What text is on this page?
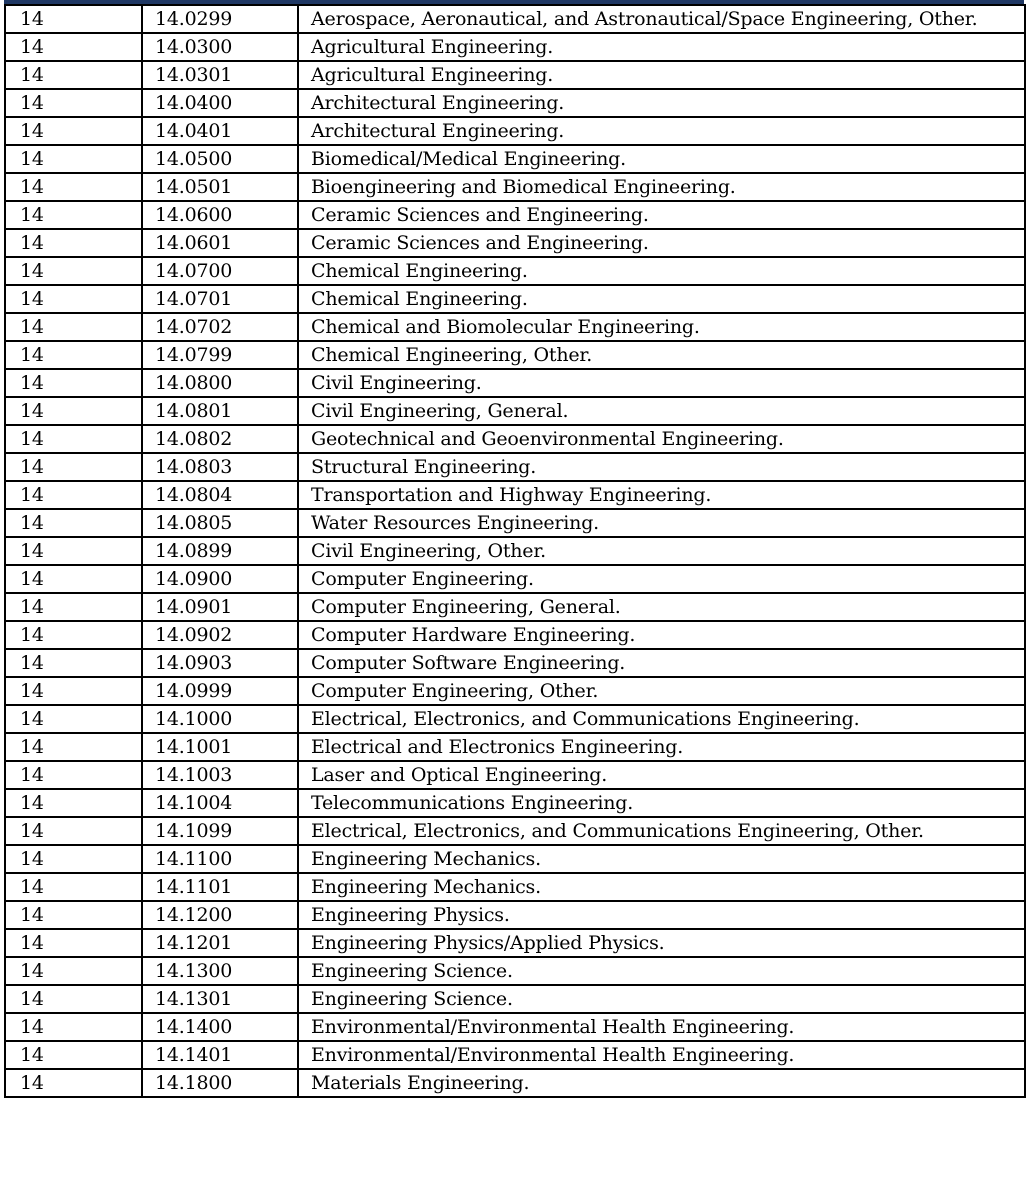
14	14.0299	Aerospace, Aeronautical, and Astronautical/Space Engineering, Other.
14	14.0300	Agricultural Engineering.
14	14.0301	Agricultural Engineering.
14	14.0400	Architectural Engineering.
14	14.0401	Architectural Engineering.
14	14.0500	Biomedical/Medical Engineering.
14	14.0501	Bioengineering and Biomedical Engineering.
14	14.0600	Ceramic Sciences and Engineering.
14	14.0601	Ceramic Sciences and Engineering.
14	14.0700	Chemical Engineering.
14	14.0701	Chemical Engineering.
14	14.0702	Chemical and Biomolecular Engineering.
14	14.0799	Chemical Engineering, Other.
14	14.0800	Civil Engineering.
14	14.0801	Civil Engineering, General.
14	14.0802	Geotechnical and Geoenvironmental Engineering.
14	14.0803	Structural Engineering.
14	14.0804	Transportation and Highway Engineering.
14	14.0805	Water Resources Engineering.
14	14.0899	Civil Engineering, Other.
14	14.0900	Computer Engineering.
14	14.0901	Computer Engineering, General.
14	14.0902	Computer Hardware Engineering.
14	14.0903	Computer Software Engineering.
14	14.0999	Computer Engineering, Other.
14	14.1000	Electrical, Electronics, and Communications Engineering.
14	14.1001	Electrical and Electronics Engineering.
14	14.1003	Laser and Optical Engineering.
14	14.1004	Telecommunications Engineering.
14	14.1099	Electrical, Electronics, and Communications Engineering, Other.
14	14.1100	Engineering Mechanics.
14	14.1101	Engineering Mechanics.
14	14.1200	Engineering Physics.
14	14.1201	Engineering Physics/Applied Physics.
14	14.1300	Engineering Science.
14	14.1301	Engineering Science.
14	14.1400	Environmental/Environmental Health Engineering.
14	14.1401	Environmental/Environmental Health Engineering.
14	14.1800	Materials Engineering.
